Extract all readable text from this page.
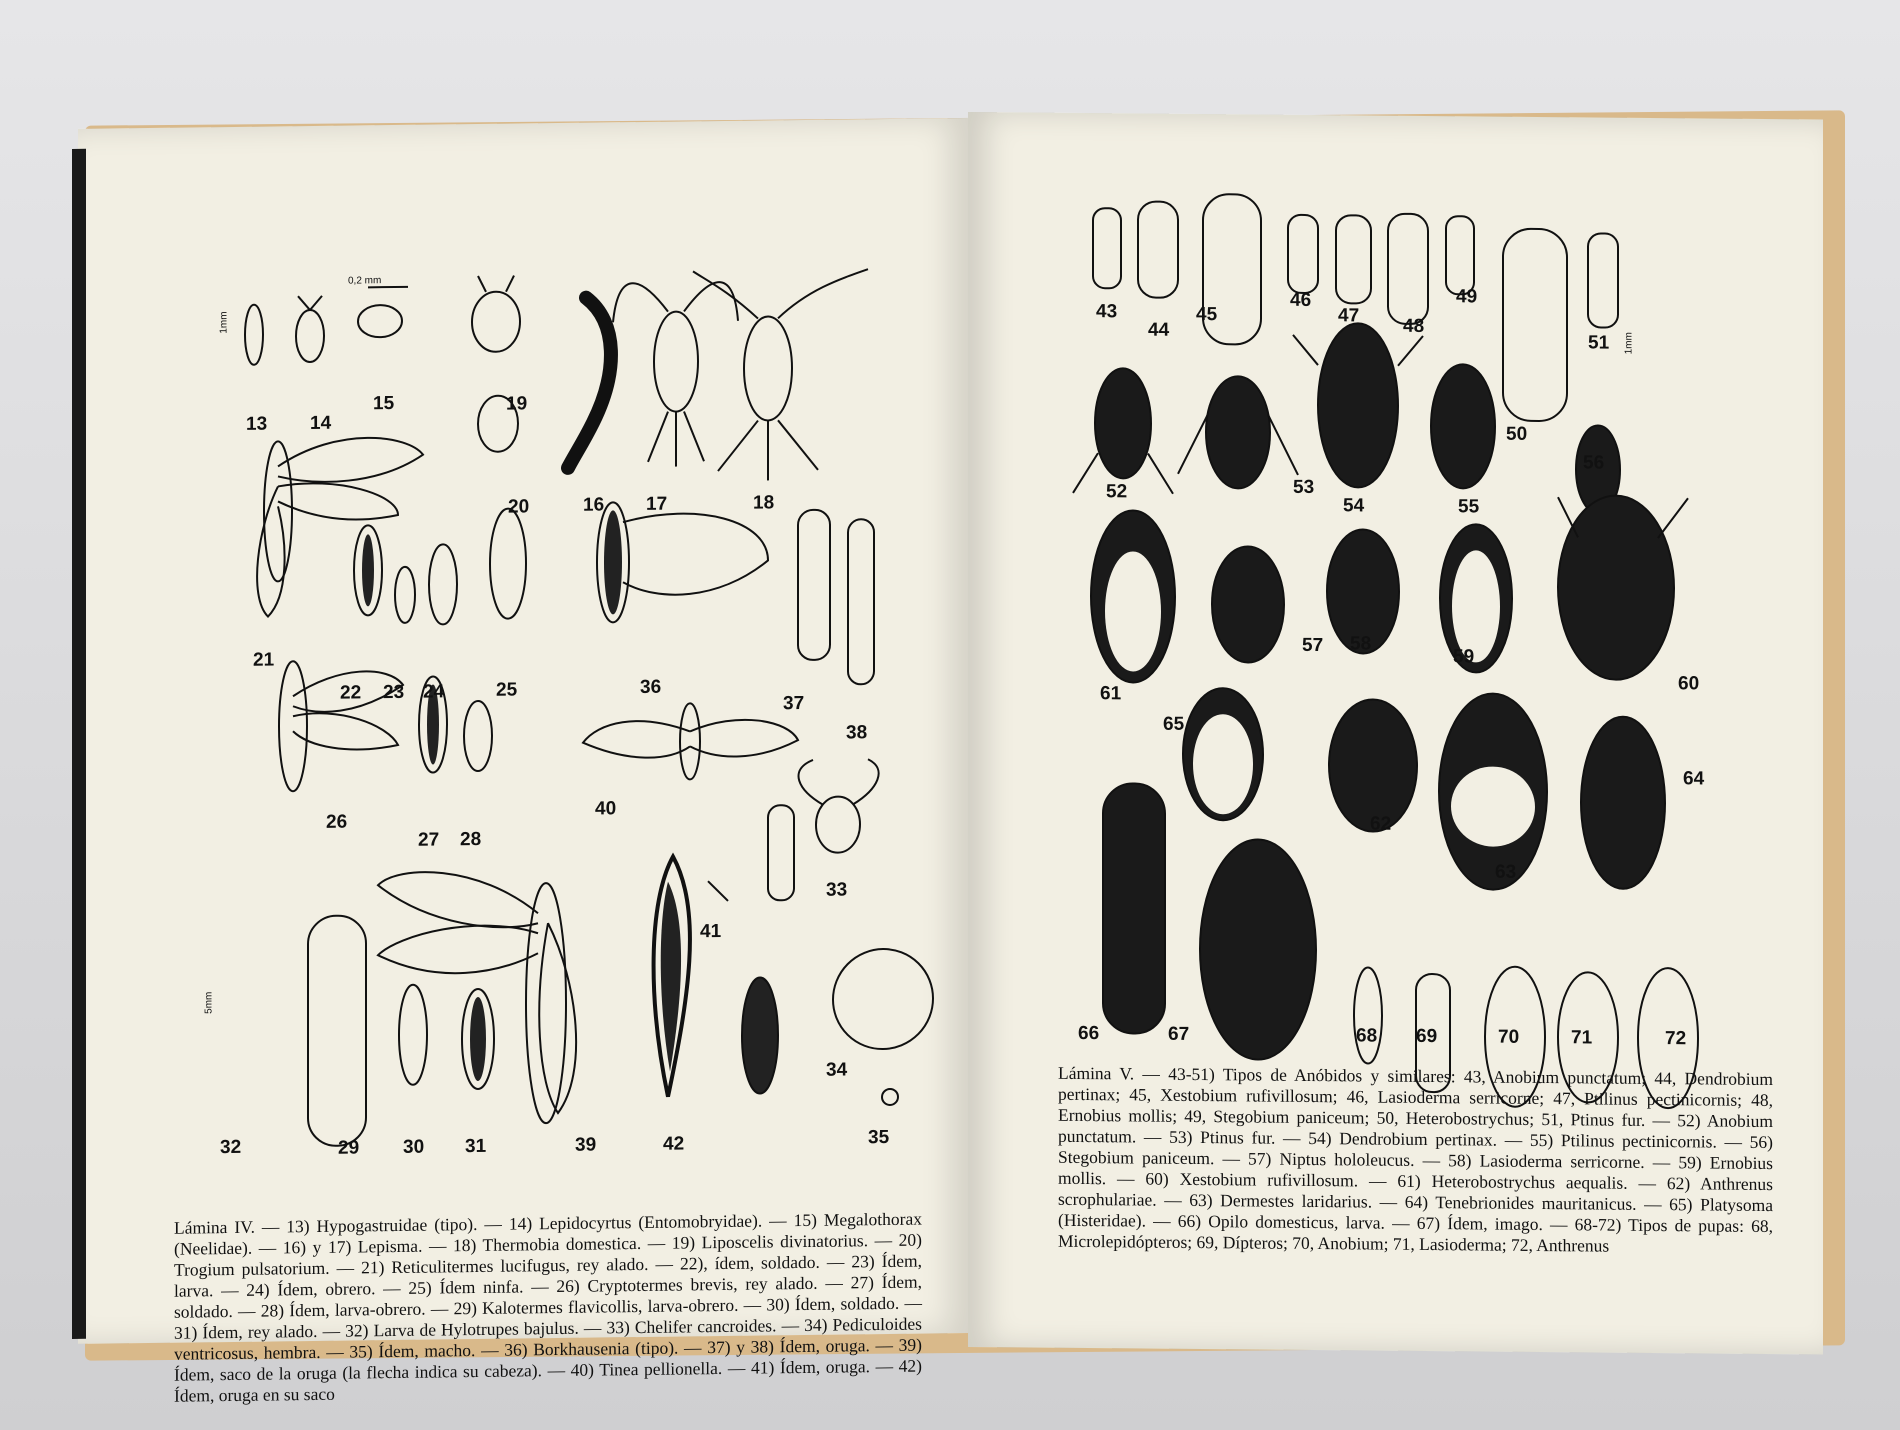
13 14
15
16 17	18
19
20
21
22 23 24	25
26
27 28
29 30 31
32
33
34
35
36
37
38
39
40
41
42
0,2 mm
1mm
5mm
Lámina IV. — 13) Hypogastruidae (tipo). — 14) Lepidocyrtus (Entomobryidae). — 15) Megalothorax (Neelidae). — 16) y 17) Lepisma. — 18) Thermobia domestica. — 19) Liposcelis divinatorius. — 20) Trogium pulsatorium. — 21) Reticulitermes lucifugus, rey alado. — 22), ídem, soldado. — 23) Ídem, larva. — 24) Ídem, obrero. — 25) Ídem ninfa. — 26) Cryptotermes brevis, rey alado. — 27) Ídem, soldado. — 28) Ídem, larva-obrero. — 29) Kalotermes flavicollis, larva-obrero. — 30) Ídem, soldado. — 31) Ídem, rey alado. — 32) Larva de Hylotrupes bajulus. — 33) Chelifer cancroides. — 34) Pediculoides ventricosus, hembra. — 35) Ídem, macho. — 36) Borkhausenia (tipo). — 37) y 38) Ídem, oruga. — 39) Ídem, saco de la oruga (la flecha indica su cabeza). — 40) Tinea pellionella. — 41) Ídem, oruga. — 42) Ídem, oruga en su saco
43
44
45
46
47 48
49
50
51
52	53
54	55
56
57 58
59
60
61
62
63
64
65
66	67	68 69	70	71	72
1mm
Lámina V. — 43-51) Tipos de Anóbidos y similares: 43, Anobium punctatum; 44, Dendrobium pertinax; 45, Xestobium rufivillosum; 46, Lasioderma serricorne; 47, Ptilinus pectinicornis; 48, Ernobius mollis; 49, Stegobium paniceum; 50, Heterobostrychus; 51, Ptinus fur. — 52) Anobium punctatum. — 53) Ptinus fur. — 54) Dendrobium pertinax. — 55) Ptilinus pectinicornis. — 56) Stegobium paniceum. — 57) Niptus hololeucus. — 58) Lasioderma serricorne. — 59) Ernobius mollis. — 60) Xestobium rufivillosum. — 61) Heterobostrychus aequalis. — 62) Anthrenus scrophulariae. — 63) Dermestes laridarius. — 64) Tenebrionides mauritanicus. — 65) Platysoma (Histeridae). — 66) Opilo domesticus, larva. — 67) Ídem, imago. — 68-72) Tipos de pupas: 68, Microlepidópteros; 69, Dípteros; 70, Anobium; 71, Lasioderma; 72, Anthrenus
